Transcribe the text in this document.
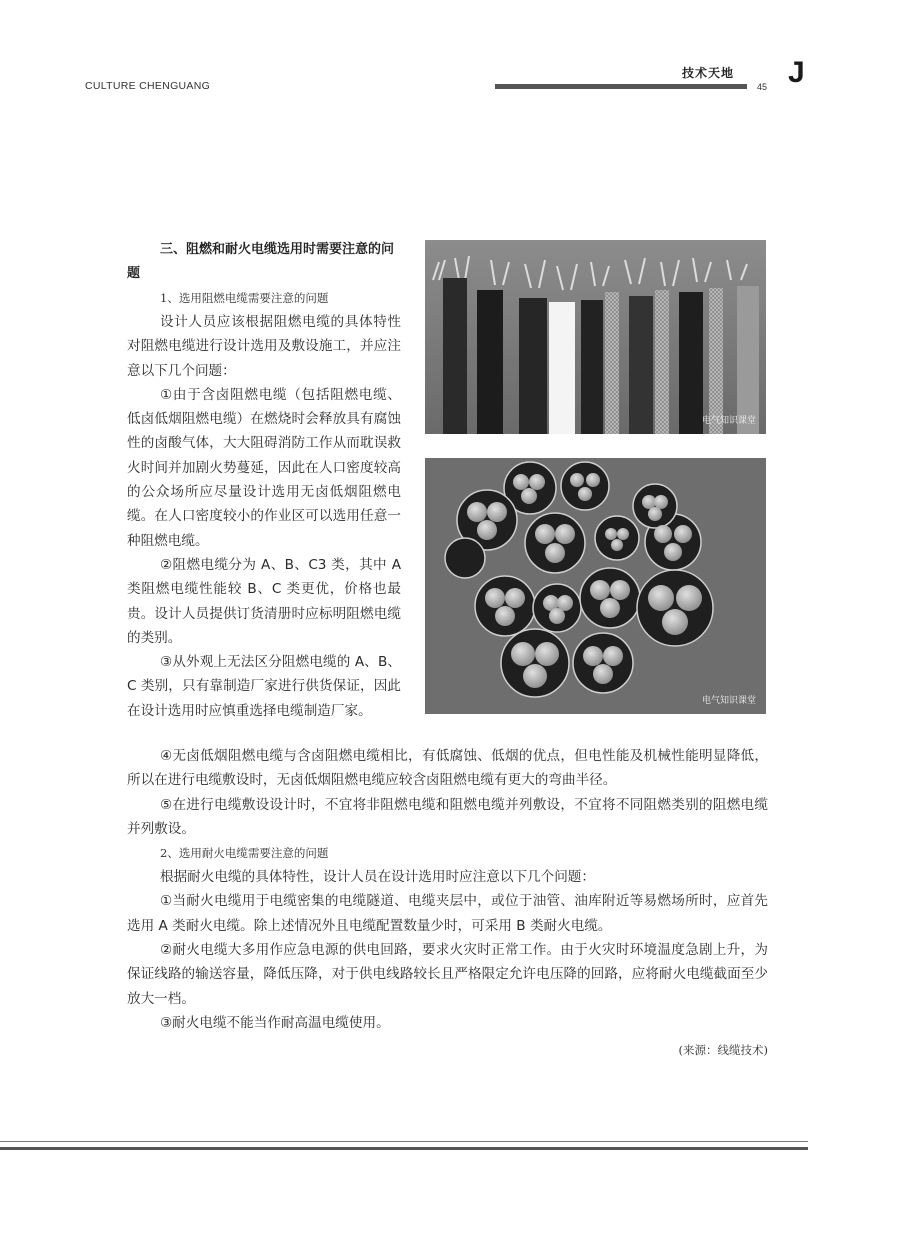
CULTURE CHENGUANG
技术天地
45 J

三、阻燃和耐火电缆选用时需要注意的问题

1、选用阻燃电缆需要注意的问题

设计人员应该根据阻燃电缆的具体特性对阻燃电缆进行设计选用及敷设施工，并应注意以下几个问题：

①由于含卤阻燃电缆（包括阻燃电缆、低卤低烟阻燃电缆）在燃烧时会释放具有腐蚀性的卤酸气体，大大阻碍消防工作从而耽误救火时间并加剧火势蔓延，因此在人口密度较高的公众场所应尽量设计选用无卤低烟阻燃电缆。在人口密度较小的作业区可以选用任意一种阻燃电缆。

②阻燃电缆分为 A、B、C3 类，其中 A 类阻燃电缆性能较 B、C 类更优，价格也最贵。设计人员提供订货清册时应标明阻燃电缆的类别。

③从外观上无法区分阻燃电缆的 A、B、C 类别，只有靠制造厂家进行供货保证，因此在设计选用时应慎重选择电缆制造厂家。

电气知识课堂
电气知识课堂

④无卤低烟阻燃电缆与含卤阻燃电缆相比，有低腐蚀、低烟的优点，但电性能及机械性能明显降低，所以在进行电缆敷设时，无卤低烟阻燃电缆应较含卤阻燃电缆有更大的弯曲半径。

⑤在进行电缆敷设设计时，不宜将非阻燃电缆和阻燃电缆并列敷设，不宜将不同阻燃类别的阻燃电缆并列敷设。

2、选用耐火电缆需要注意的问题

根据耐火电缆的具体特性，设计人员在设计选用时应注意以下几个问题：

①当耐火电缆用于电缆密集的电缆隧道、电缆夹层中，或位于油管、油库附近等易燃场所时，应首先选用 A 类耐火电缆。除上述情况外且电缆配置数量少时，可采用 B 类耐火电缆。

②耐火电缆大多用作应急电源的供电回路，要求火灾时正常工作。由于火灾时环境温度急剧上升，为保证线路的输送容量，降低压降，对于供电线路较长且严格限定允许电压降的回路，应将耐火电缆截面至少放大一档。

③耐火电缆不能当作耐高温电缆使用。

(来源：线缆技术)
